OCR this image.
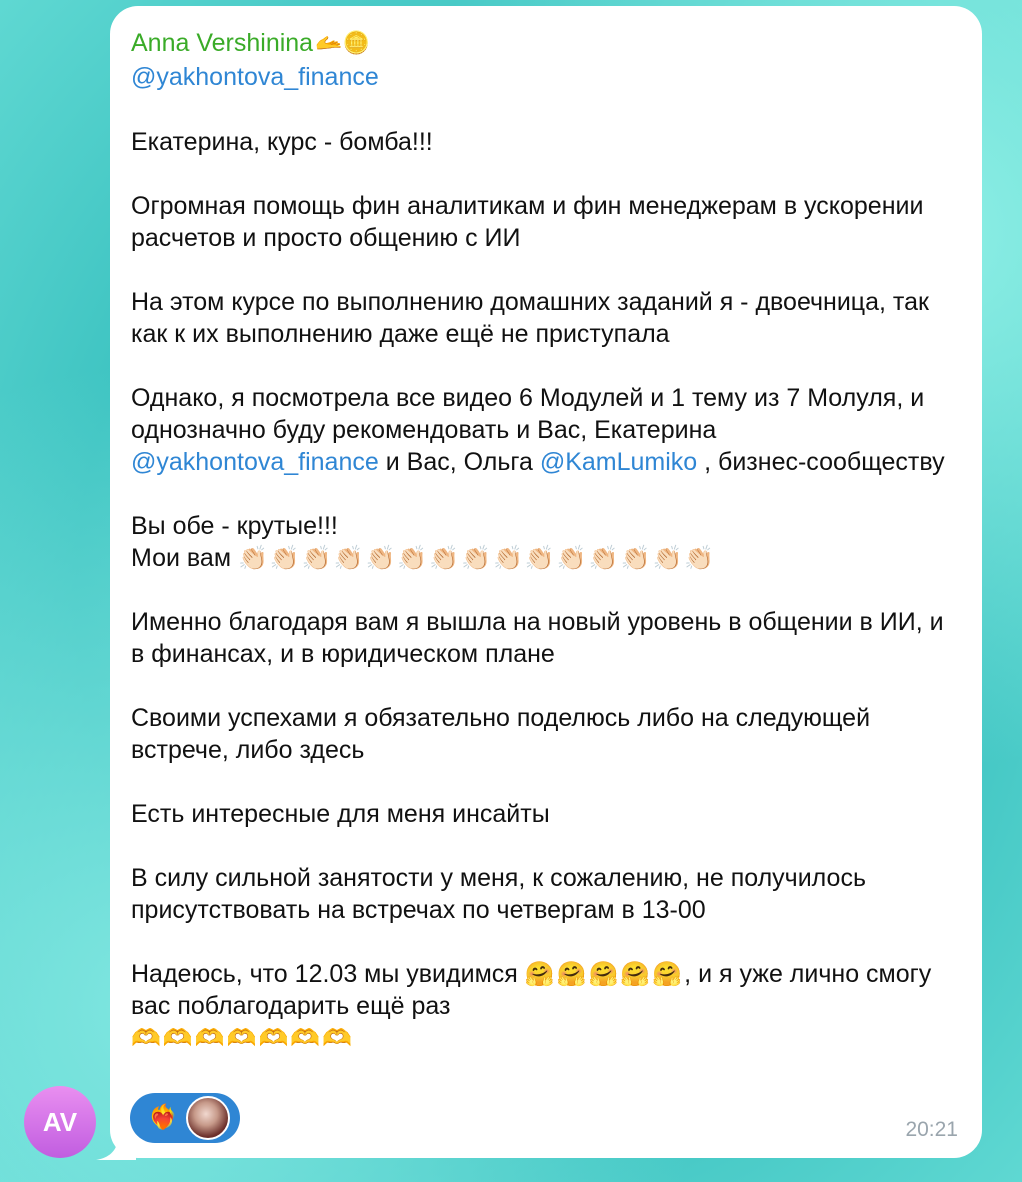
AV
Anna Vershinina 🫴🪙
@yakhontova_finance

Екатерина, курс - бомба!!!

Огромная помощь фин аналитикам и фин менеджерам в ускорении расчетов и просто общению с ИИ

На этом курсе по выполнению домашних заданий я - двоечница, так как к их выполнению даже ещё не приступала

Однако, я посмотрела все видео 6 Модулей и 1 тему из 7 Молуля, и однозначно буду рекомендовать и Вас, Екатерина @yakhontova_finance и Вас, Ольга @KamLumiko , бизнес-сообществу

Вы обе - крутые!!!

Мои вам 👏🏻👏🏻👏🏻👏🏻👏🏻👏🏻👏🏻👏🏻👏🏻👏🏻👏🏻👏🏻👏🏻👏🏻👏🏻

Именно благодаря вам я вышла на новый уровень в общении в ИИ, и в финансах, и в юридическом плане

Своими успехами я обязательно поделюсь либо на следующей встрече, либо здесь

Есть интересные для меня инсайты

В силу сильной занятости у меня, к сожалению, не получилось присутствовать на встречах по четвергам в 13-00

Надеюсь, что 12.03 мы увидимся 🤗🤗🤗🤗🤗, и я уже лично смогу вас поблагодарить ещё раз

🫶🫶🫶🫶🫶🫶🫶

❤️‍🔥	20:21
